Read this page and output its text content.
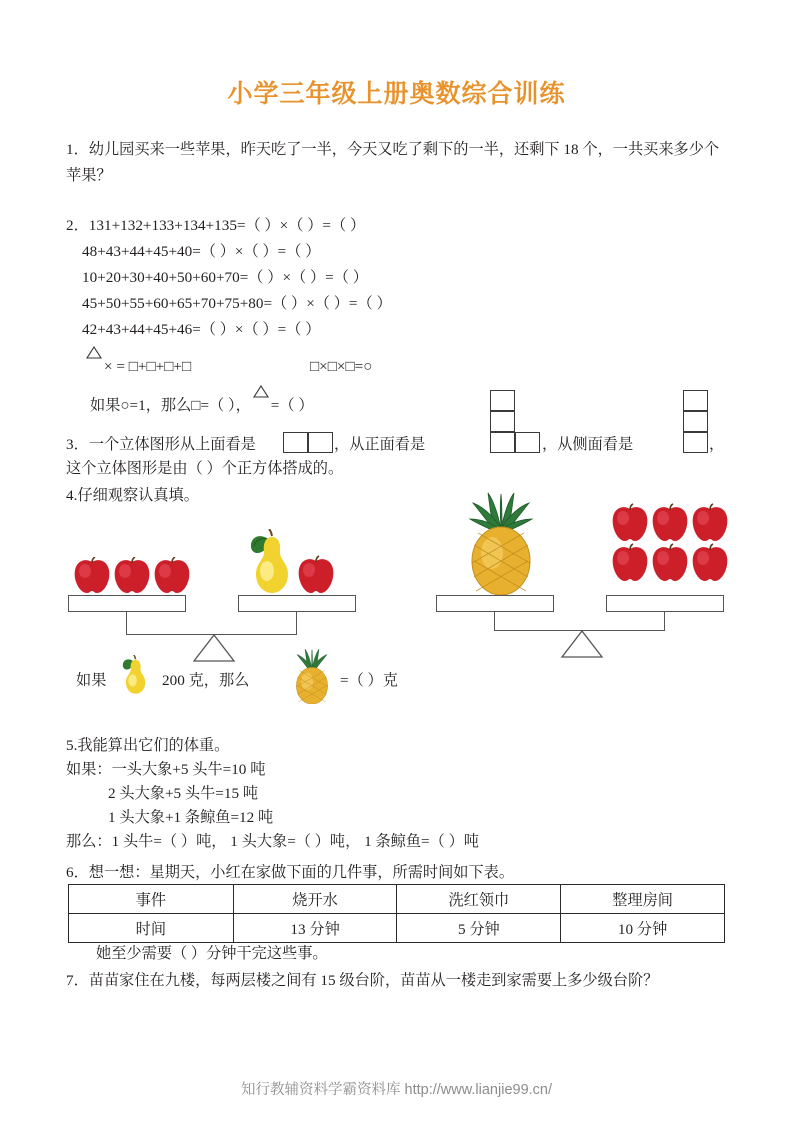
小学三年级上册奥数综合训练
1．幼儿园买来一些苹果，昨天吃了一半，今天又吃了剩下的一半，还剩下 18 个，一共买来多少个苹果？
2．131+132+133+134+135=（ ）×（ ）=（ ）
48+43+44+45+40=（ ）×（ ）=（ ）
10+20+30+40+50+60+70=（ ）×（ ）=（ ）
45+50+55+60+65+70+75+80=（ ）×（ ）=（ ）
42+43+44+45+46=（ ）×（ ）=（ ）
× = □+□+□+□	□×□×□=○
如果○=1，那么□=（ ）， =（ ）
3．一个立体图形从上面看是	，从正面看是	，从侧面看是	，
这个立体图形是由（ ）个正方体搭成的。
4.仔细观察认真填。
如果	200 克，那么	=（ ）克
5.我能算出它们的体重。
如果：一头大象+5 头牛=10 吨
2 头大象+5 头牛=15 吨
1 头大象+1 条鲸鱼=12 吨
那么：1 头牛=（ ）吨， 1 头大象=（ ）吨， 1 条鲸鱼=（ ）吨
6．想一想：星期天，小红在家做下面的几件事，所需时间如下表。
事件	烧开水	洗红领巾	整理房间
时间	13 分钟	5 分钟	10 分钟
她至少需要（ ）分钟干完这些事。
7．苗苗家住在九楼，每两层楼之间有 15 级台阶，苗苗从一楼走到家需要上多少级台阶？
知行教辅资料学霸资料库 http://www.lianjie99.cn/
